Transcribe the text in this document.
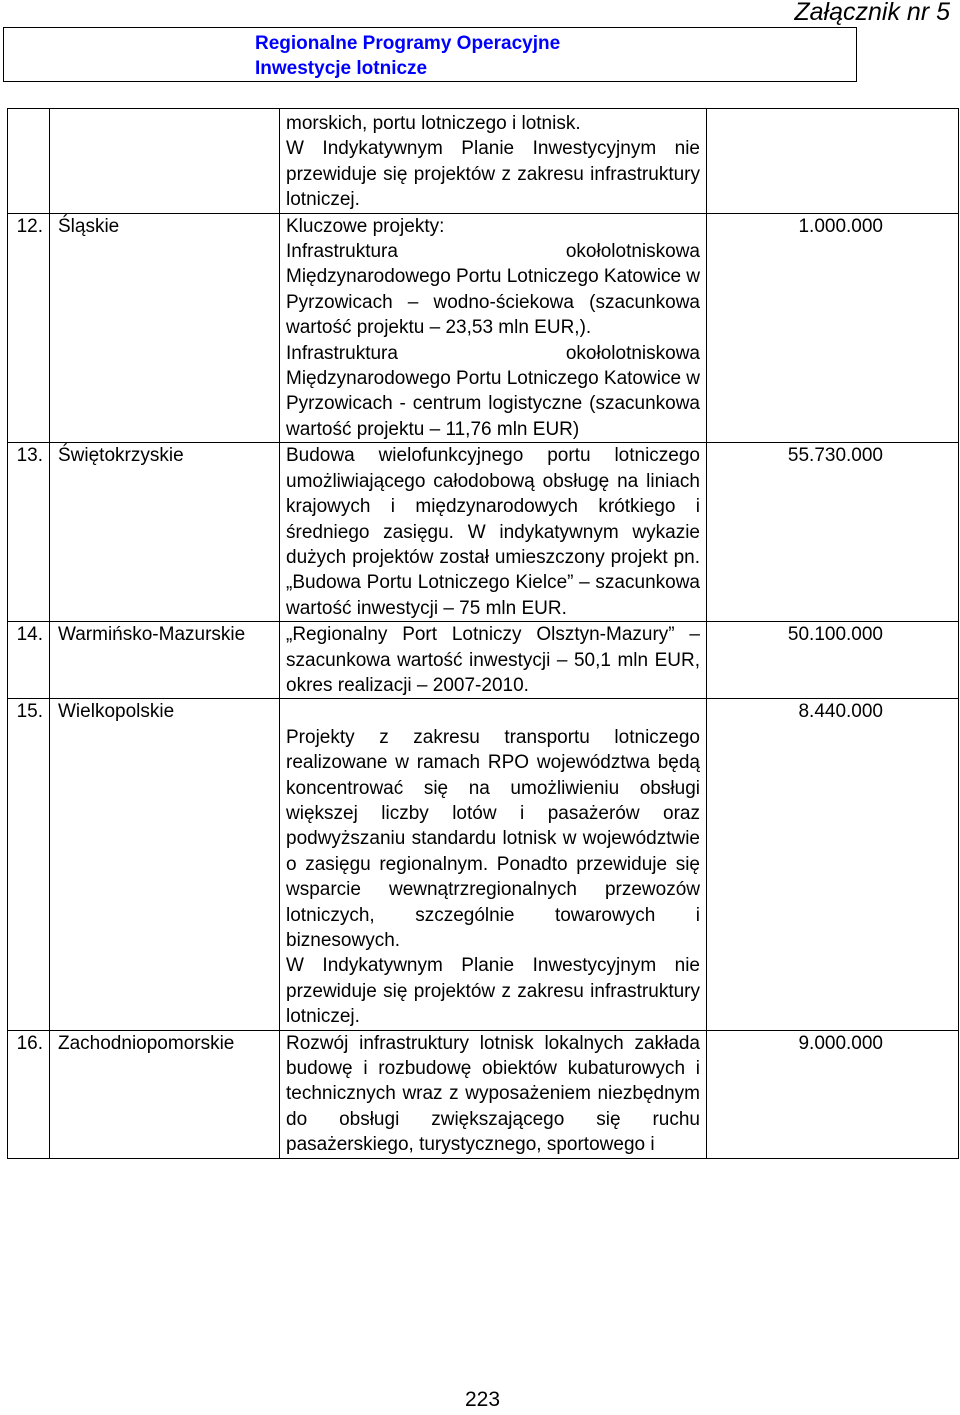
Załącznik nr 5
Regionalne Programy Operacyjne
Inwestycje lotnicze

		morskich, portu lotniczego i lotnisk.

W Indykatywnym Planie Inwestycyjnym nie przewiduje się projektów z zakresu infrastruktury lotniczej.	

12.	Śląskie	Kluczowe projekty:

Infrastruktura okołolotniskowa Międzynarodowego Portu Lotniczego Katowice w Pyrzowicach – wodno-ściekowa (szacunkowa wartość projektu – 23,53 mln EUR,).

Infrastruktura okołolotniskowa Międzynarodowego Portu Lotniczego Katowice w Pyrzowicach - centrum logistyczne (szacunkowa wartość projektu – 11,76 mln EUR)	1.000.000
13.	Świętokrzyskie	Budowa wielofunkcyjnego portu lotniczego umożliwiającego całodobową obsługę na liniach krajowych i międzynarodowych krótkiego i średniego zasięgu. W indykatywnym wykazie dużych projektów został umieszczony projekt pn. „Budowa Portu Lotniczego Kielce” – szacunkowa wartość inwestycji – 75 mln EUR.	55.730.000
14.	Warmińsko-Mazurskie	„Regionalny Port Lotniczy Olsztyn-Mazury” – szacunkowa wartość inwestycji – 50,1 mln EUR, okres realizacji – 2007-2010.	50.100.000
15.	Wielkopolskie	Projekty z zakresu transportu lotniczego realizowane w ramach RPO województwa będą koncentrować się na umożliwieniu obsługi większej liczby lotów i pasażerów oraz podwyższaniu standardu lotnisk w województwie o zasięgu regionalnym. Ponadto przewiduje się wsparcie wewnątrzregionalnych przewozów lotniczych, szczególnie towarowych i biznesowych.

W Indykatywnym Planie Inwestycyjnym nie przewiduje się projektów z zakresu infrastruktury lotniczej.	8.440.000
16.	Zachodniopomorskie	Rozwój infrastruktury lotnisk lokalnych zakłada budowę i rozbudowę obiektów kubaturowych i technicznych wraz z wyposażeniem niezbędnym do obsługi zwiększającego się ruchu pasażerskiego, turystycznego, sportowego i	9.000.000
223
